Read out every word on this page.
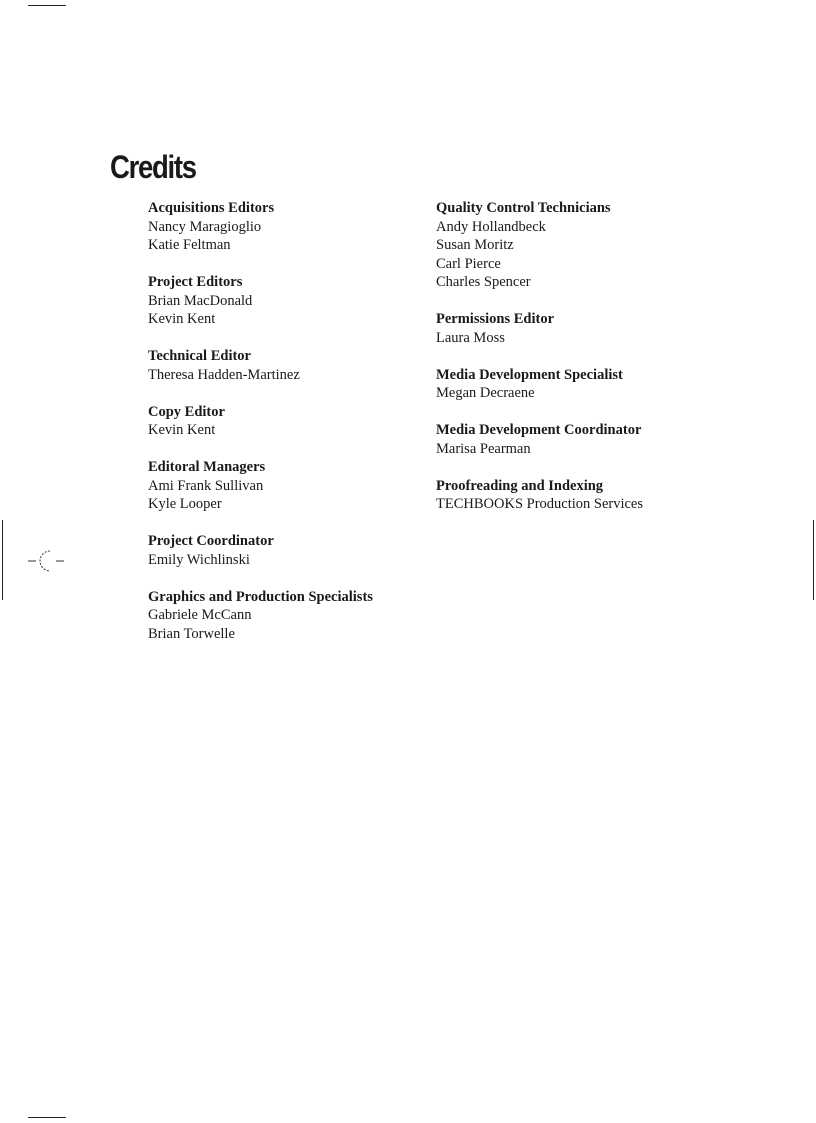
Credits
Acquisitions Editors
Nancy Maragioglio
Katie Feltman
Project Editors
Brian MacDonald
Kevin Kent
Technical Editor
Theresa Hadden-Martinez
Copy Editor
Kevin Kent
Editoral Managers
Ami Frank Sullivan
Kyle Looper
Project Coordinator
Emily Wichlinski
Graphics and Production Specialists
Gabriele McCann
Brian Torwelle
Quality Control Technicians
Andy Hollandbeck
Susan Moritz
Carl Pierce
Charles Spencer
Permissions Editor
Laura Moss
Media Development Specialist
Megan Decraene
Media Development Coordinator
Marisa Pearman
Proofreading and Indexing
TECHBOOKS Production Services
